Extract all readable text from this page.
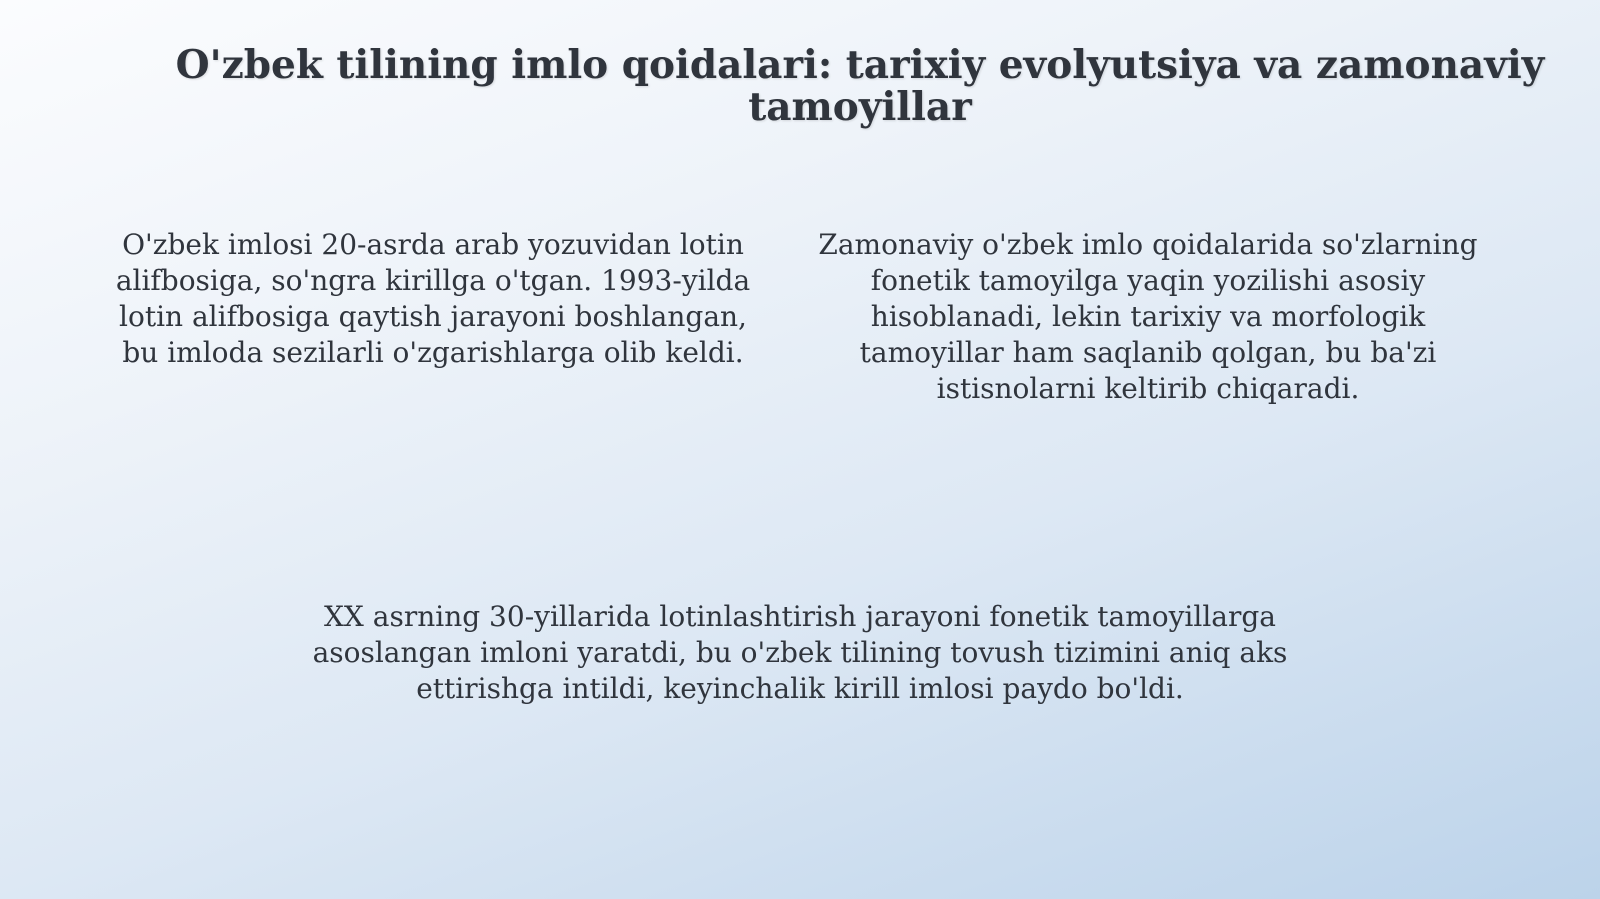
O'zbek tilining imlo qoidalari: tarixiy evolyutsiya va zamonaviy tamoyillar

O'zbek imlosi 20-asrda arab yozuvidan lotin alifbosiga, so'ngra kirillga o'tgan. 1993-yilda lotin alifbosiga qaytish jarayoni boshlangan, bu imloda sezilarli o'zgarishlarga olib keldi.

Zamonaviy o'zbek imlo qoidalarida so'zlarning fonetik tamoyilga yaqin yozilishi asosiy hisoblanadi, lekin tarixiy va morfologik tamoyillar ham saqlanib qolgan, bu ba'zi istisnolarni keltirib chiqaradi.

XX asrning 30-yillarida lotinlashtirish jarayoni fonetik tamoyillarga asoslangan imloni yaratdi, bu o'zbek tilining tovush tizimini aniq aks ettirishga intildi, keyinchalik kirill imlosi paydo bo'ldi.
